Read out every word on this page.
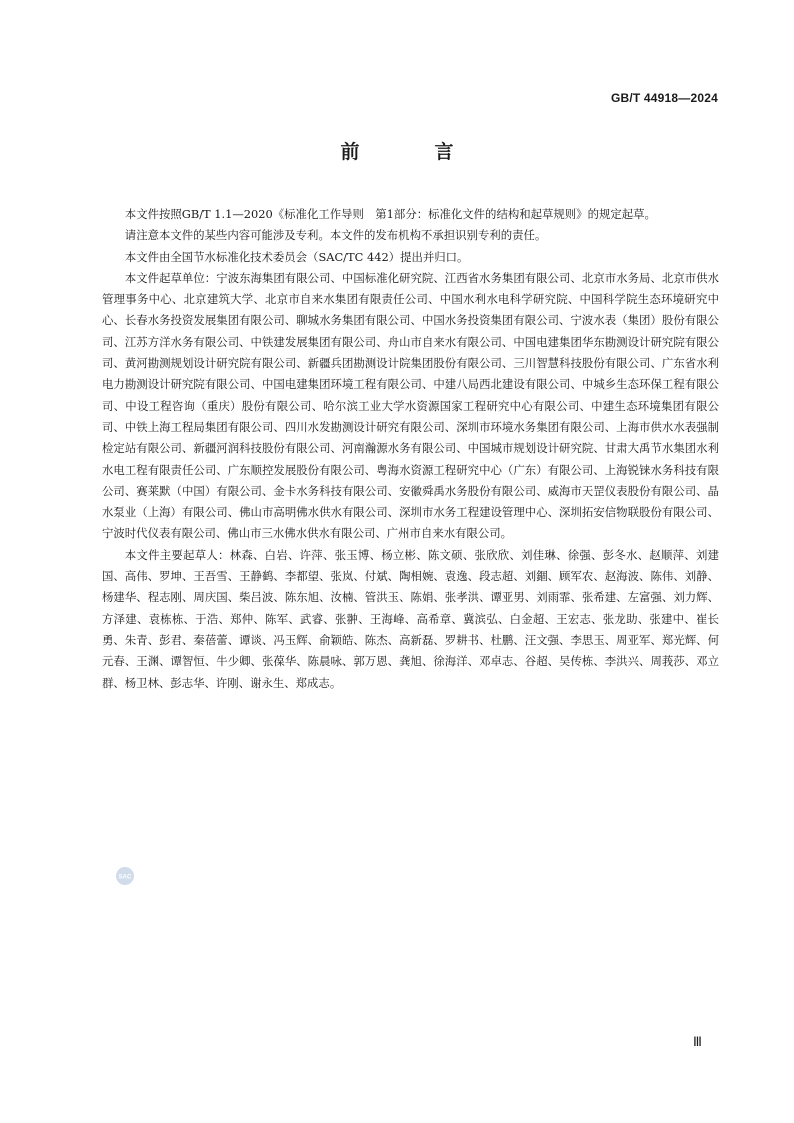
GB/T 44918—2024
前　言

本文件按照GB/T 1.1—2020《标准化工作导则　第1部分：标准化文件的结构和起草规则》的规定起草。

请注意本文件的某些内容可能涉及专利。本文件的发布机构不承担识别专利的责任。

本文件由全国节水标准化技术委员会（SAC/TC 442）提出并归口。

本文件起草单位：宁波东海集团有限公司、中国标准化研究院、江西省水务集团有限公司、北京市水务局、北京市供水管理事务中心、北京建筑大学、北京市自来水集团有限责任公司、中国水利水电科学研究院、中国科学院生态环境研究中心、长春水务投资发展集团有限公司、聊城水务集团有限公司、中国水务投资集团有限公司、宁波水表（集团）股份有限公司、江苏方洋水务有限公司、中铁建发展集团有限公司、舟山市自来水有限公司、中国电建集团华东勘测设计研究院有限公司、黄河勘测规划设计研究院有限公司、新疆兵团勘测设计院集团股份有限公司、三川智慧科技股份有限公司、广东省水利电力勘测设计研究院有限公司、中国电建集团环境工程有限公司、中建八局西北建设有限公司、中城乡生态环保工程有限公司、中设工程咨询（重庆）股份有限公司、哈尔滨工业大学水资源国家工程研究中心有限公司、中建生态环境集团有限公司、中铁上海工程局集团有限公司、四川水发勘测设计研究有限公司、深圳市环境水务集团有限公司、上海市供水水表强制检定站有限公司、新疆河润科技股份有限公司、河南瀚源水务有限公司、中国城市规划设计研究院、甘肃大禹节水集团水利水电工程有限责任公司、广东顺控发展股份有限公司、粤海水资源工程研究中心（广东）有限公司、上海锐铼水务科技有限公司、赛莱默（中国）有限公司、金卡水务科技有限公司、安徽舜禹水务股份有限公司、威海市天罡仪表股份有限公司、晶水泵业（上海）有限公司、佛山市高明佛水供水有限公司、深圳市水务工程建设管理中心、深圳拓安信物联股份有限公司、宁波时代仪表有限公司、佛山市三水佛水供水有限公司、广州市自来水有限公司。

本文件主要起草人：林森、白岩、许萍、张玉博、杨立彬、陈文硕、张欣欣、刘佳琳、徐强、彭冬水、赵顺萍、刘建国、高伟、罗坤、王吾雪、王静鹤、李都望、张岚、付斌、陶相婉、袁逸、段志超、刘錮、顾军农、赵海波、陈伟、刘静、杨建华、程志刚、周庆国、柴吕波、陈东旭、汝楠、管洪玉、陈娟、张孝洪、谭亚男、刘雨霏、张希建、左富强、刘力辉、方泽建、袁栋栋、于浩、郑仲、陈军、武睿、张翀、王海峰、高希章、冀滨弘、白金超、王宏志、张龙助、张建中、崔长勇、朱青、彭君、秦蓓蕾、谭谈、冯玉辉、俞颖皓、陈杰、高新磊、罗耕书、杜鹏、汪文强、李思玉、周亚军、郑光辉、何元春、王渊、谭智恒、牛少卿、张葆华、陈晨咏、郭万恩、龚旭、徐海洋、邓卓志、谷超、吴传栋、李洪兴、周莪莎、邓立群、杨卫林、彭志华、许刚、谢永生、郑成志。

SAC
Ⅲ
